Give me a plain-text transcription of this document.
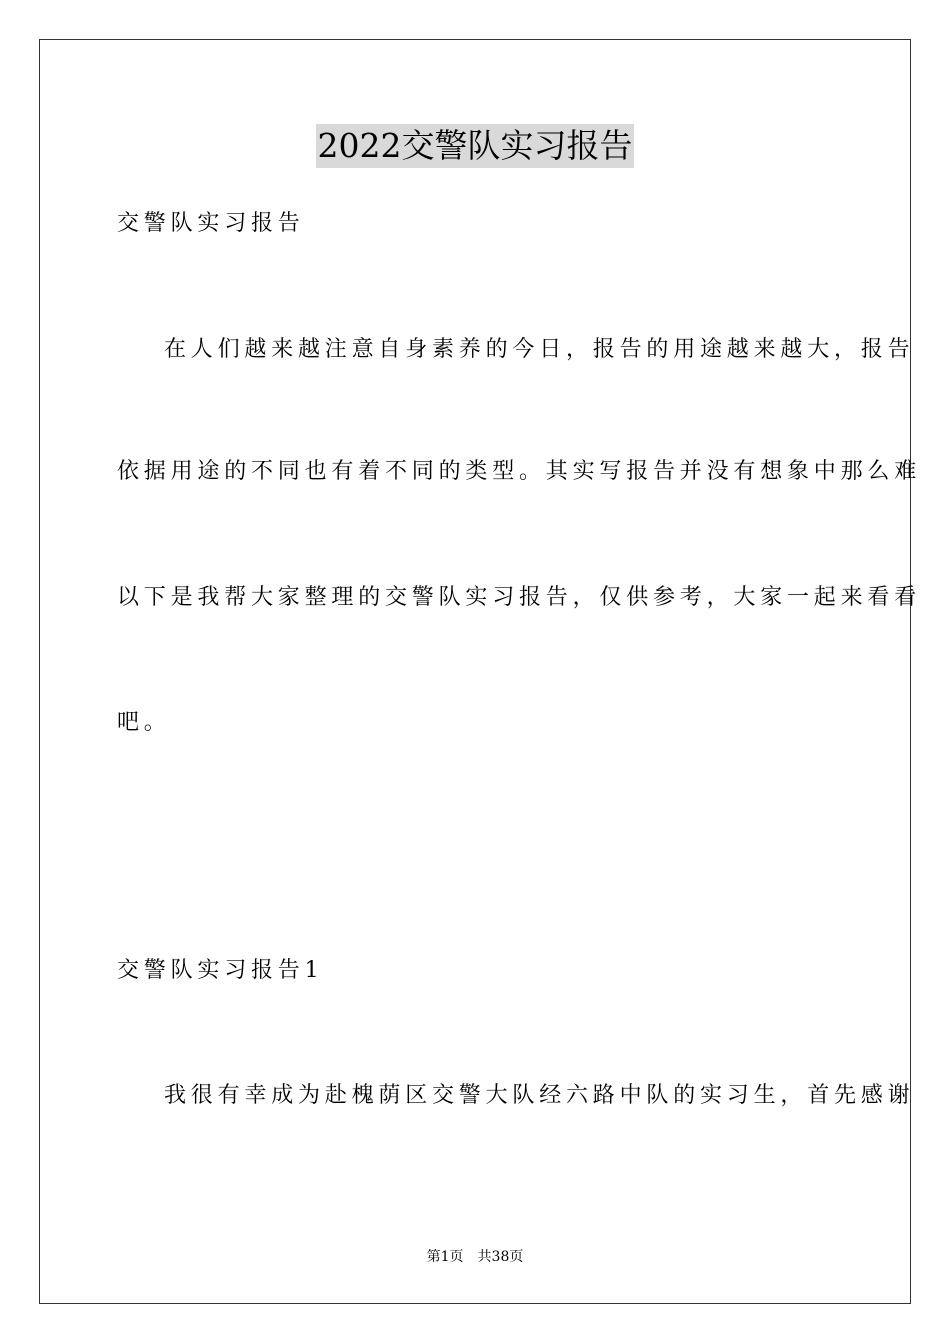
2022交警队实习报告
交警队实习报告
在人们越来越注意自身素养的今日，报告的用途越来越大，报告
依据用途的不同也有着不同的类型。其实写报告并没有想象中那么难
以下是我帮大家整理的交警队实习报告，仅供参考，大家一起来看看
吧。
交警队实习报告1
我很有幸成为赴槐荫区交警大队经六路中队的实习生，首先感谢
第1页 共38页
